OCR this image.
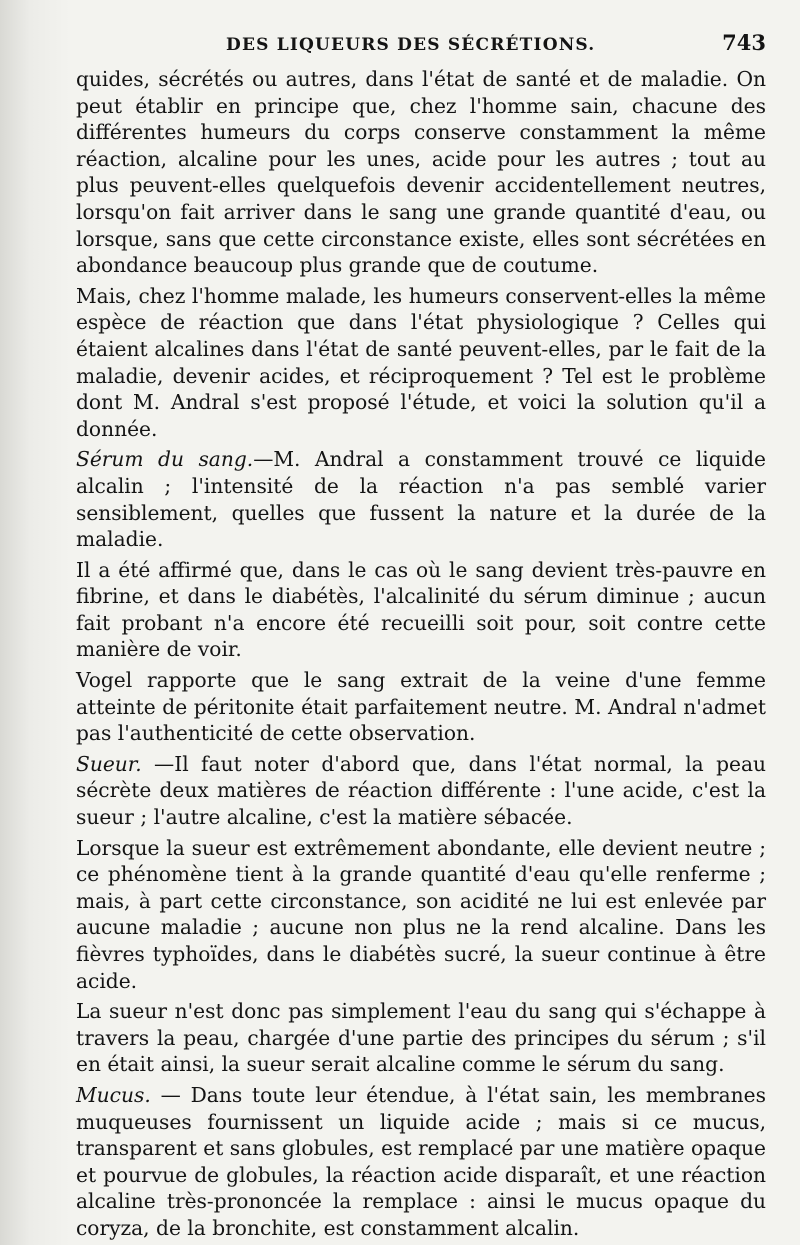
DES LIQUEURS DES SÉCRÉTIONS.	743

quides, sécrétés ou autres, dans l'état de santé et de maladie. On peut établir en principe que, chez l'homme sain, chacune des différentes humeurs du corps conserve constamment la même réaction, alcaline pour les unes, acide pour les autres ; tout au plus peuvent-elles quelquefois devenir accidentellement neutres, lorsqu'on fait arriver dans le sang une grande quantité d'eau, ou lorsque, sans que cette circonstance existe, elles sont sécrétées en abondance beaucoup plus grande que de coutume.

Mais, chez l'homme malade, les humeurs conservent-elles la même espèce de réaction que dans l'état physiologique ? Celles qui étaient alcalines dans l'état de santé peuvent-elles, par le fait de la maladie, devenir acides, et réciproquement ? Tel est le problème dont M. Andral s'est proposé l'étude, et voici la solution qu'il a donnée.

Sérum du sang.—M. Andral a constamment trouvé ce liquide alcalin ; l'intensité de la réaction n'a pas semblé varier sensiblement, quelles que fussent la nature et la durée de la maladie.

Il a été affirmé que, dans le cas où le sang devient très-pauvre en fibrine, et dans le diabétès, l'alcalinité du sérum diminue ; aucun fait probant n'a encore été recueilli soit pour, soit contre cette manière de voir.

Vogel rapporte que le sang extrait de la veine d'une femme atteinte de péritonite était parfaitement neutre. M. Andral n'admet pas l'authenticité de cette observation.

Sueur. —Il faut noter d'abord que, dans l'état normal, la peau sécrète deux matières de réaction différente : l'une acide, c'est la sueur ; l'autre alcaline, c'est la matière sébacée.

Lorsque la sueur est extrêmement abondante, elle devient neutre ; ce phénomène tient à la grande quantité d'eau qu'elle renferme ; mais, à part cette circonstance, son acidité ne lui est enlevée par aucune maladie ; aucune non plus ne la rend alcaline. Dans les fièvres typhoïdes, dans le diabétès sucré, la sueur continue à être acide.

La sueur n'est donc pas simplement l'eau du sang qui s'échappe à travers la peau, chargée d'une partie des principes du sérum ; s'il en était ainsi, la sueur serait alcaline comme le sérum du sang.

Mucus. — Dans toute leur étendue, à l'état sain, les membranes muqueuses fournissent un liquide acide ; mais si ce mucus, transparent et sans globules, est remplacé par une matière opaque et pourvue de globules, la réaction acide disparaît, et une réaction alcaline très-prononcée la remplace : ainsi le mucus opaque du coryza, de la bronchite, est constamment alcalin.
